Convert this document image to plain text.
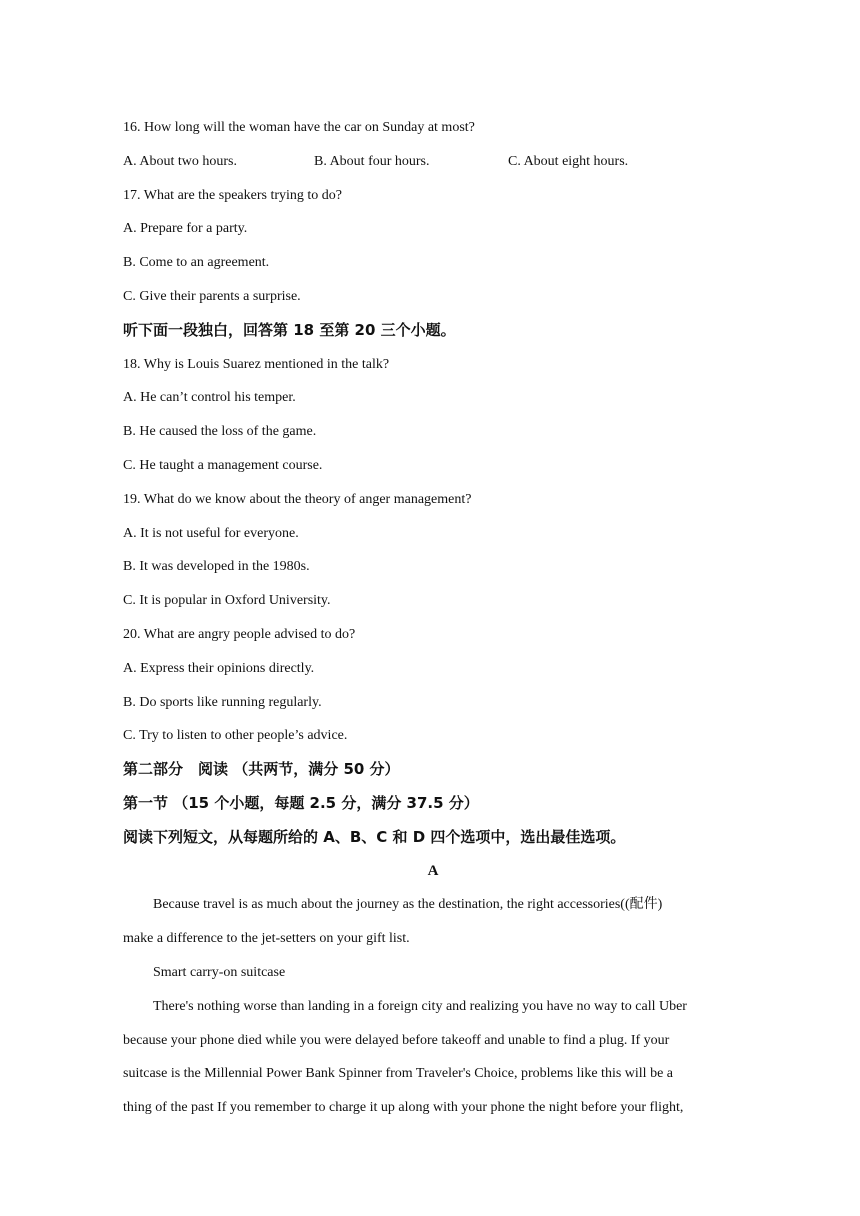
16. How long will the woman have the car on Sunday at most?
A. About two hours.	B. About four hours.	C. About eight hours.
17. What are the speakers trying to do?
A. Prepare for a party.
B. Come to an agreement.
C. Give their parents a surprise.
听下面一段独白，回答第 18 至第 20 三个小题。
18. Why is Louis Suarez mentioned in the talk?
A. He can’t control his temper.
B. He caused the loss of the game.
C. He taught a management course.
19. What do we know about the theory of anger management?
A. It is not useful for everyone.
B. It was developed in the 1980s.
C. It is popular in Oxford University.
20. What are angry people advised to do?
A. Express their opinions directly.
B. Do sports like running regularly.
C. Try to listen to other people’s advice.
第二部分　阅读 （共两节，满分 50 分）
第一节 （15 个小题，每题 2.5 分，满分 37.5 分）
阅读下列短文，从每题所给的 A、B、C 和 D 四个选项中，选出最佳选项。
A
Because travel is as much about the journey as the destination, the right accessories((配件)
make a difference to the jet-setters on your gift list.
Smart carry-on suitcase
There's nothing worse than landing in a foreign city and realizing you have no way to call Uber
because your phone died while you were delayed before takeoff and unable to find a plug. If your
suitcase is the Millennial Power Bank Spinner from Traveler's Choice, problems like this will be a
thing of the past If you remember to charge it up along with your phone the night before your flight,
